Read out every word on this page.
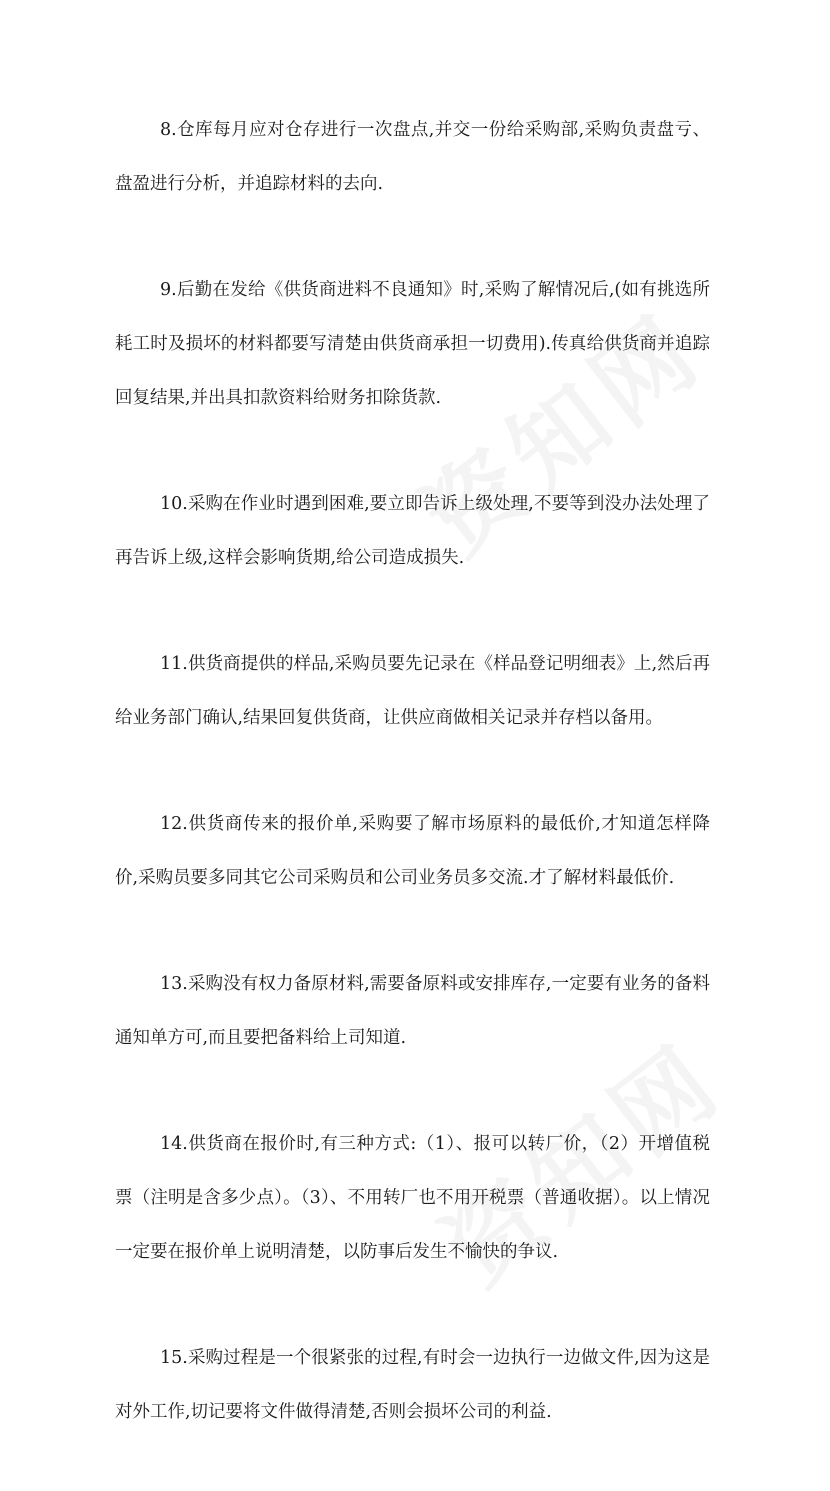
8.仓库每月应对仓存进行一次盘点,并交一份给采购部,采购负责盘亏、盘盈进行分析，并追踪材料的去向.

9.后勤在发给《供货商进料不良通知》时,采购了解情况后,(如有挑选所耗工时及损坏的材料都要写清楚由供货商承担一切费用).传真给供货商并追踪回复结果,并出具扣款资料给财务扣除货款.

10.采购在作业时遇到困难,要立即告诉上级处理,不要等到没办法处理了再告诉上级,这样会影响货期,给公司造成损失.

11.供货商提供的样品,采购员要先记录在《样品登记明细表》上,然后再给业务部门确认,结果回复供货商，让供应商做相关记录并存档以备用。

12.供货商传来的报价单,采购要了解市场原料的最低价,才知道怎样降价,采购员要多同其它公司采购员和公司业务员多交流.才了解材料最低价.

13.采购没有权力备原材料,需要备原料或安排库存,一定要有业务的备料通知单方可,而且要把备料给上司知道.

14.供货商在报价时,有三种方式:（1）、报可以转厂价，（2）开增值税票（注明是含多少点）。（3）、不用转厂也不用开税票（普通收据）。以上情况一定要在报价单上说明清楚，以防事后发生不愉快的争议.

15.采购过程是一个很紧张的过程,有时会一边执行一边做文件,因为这是对外工作,切记要将文件做得清楚,否则会损坏公司的利益.
